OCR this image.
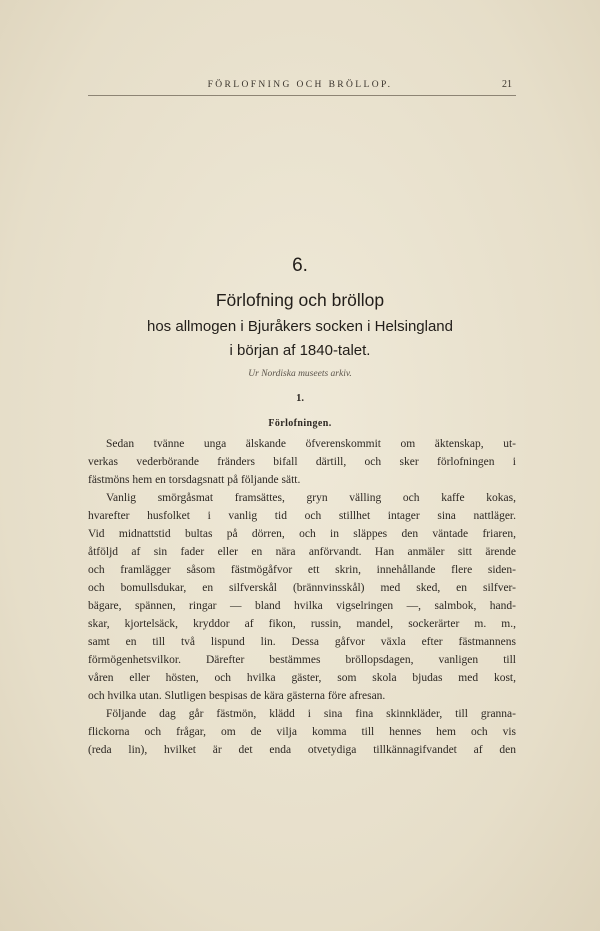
FÖRLOFNING OCH BRÖLLOP.	21
6.
Förlofning och bröllop
hos allmogen i Bjuråkers socken i Helsingland
i början af 1840-talet.
Ur Nordiska museets arkiv.
1.
Förlofningen.
Sedan tvänne unga älskande öfverenskommit om äktenskap, ut-
verkas vederbörande fränders bifall därtill, och sker förlofningen i
fästmöns hem en torsdagsnatt på följande sätt.
Vanlig smörgåsmat framsättes, gryn välling och kaffe kokas,
hvarefter husfolket i vanlig tid och stillhet intager sina nattläger.
Vid midnattstid bultas på dörren, och in släppes den väntade friaren,
åtföljd af sin fader eller en nära anförvandt. Han anmäler sitt ärende
och framlägger såsom fästmögåfvor ett skrin, innehållande flere siden-
och bomullsdukar, en silfverskål (brännvinsskål) med sked, en silfver-
bägare, spännen, ringar — bland hvilka vigselringen —, salmbok, hand-
skar, kjortelsäck, kryddor af fikon, russin, mandel, sockerärter m. m.,
samt en till två lispund lin. Dessa gåfvor växla efter fästmannens
förmögenhetsvilkor. Därefter bestämmes bröllopsdagen, vanligen till
våren eller hösten, och hvilka gäster, som skola bjudas med kost,
och hvilka utan. Slutligen bespisas de kära gästerna före afresan.
Följande dag går fästmön, klädd i sina fina skinnkläder, till granna-
flickorna och frågar, om de vilja komma till hennes hem och vis
(reda lin), hvilket är det enda otvetydiga tillkännagifvandet af den
